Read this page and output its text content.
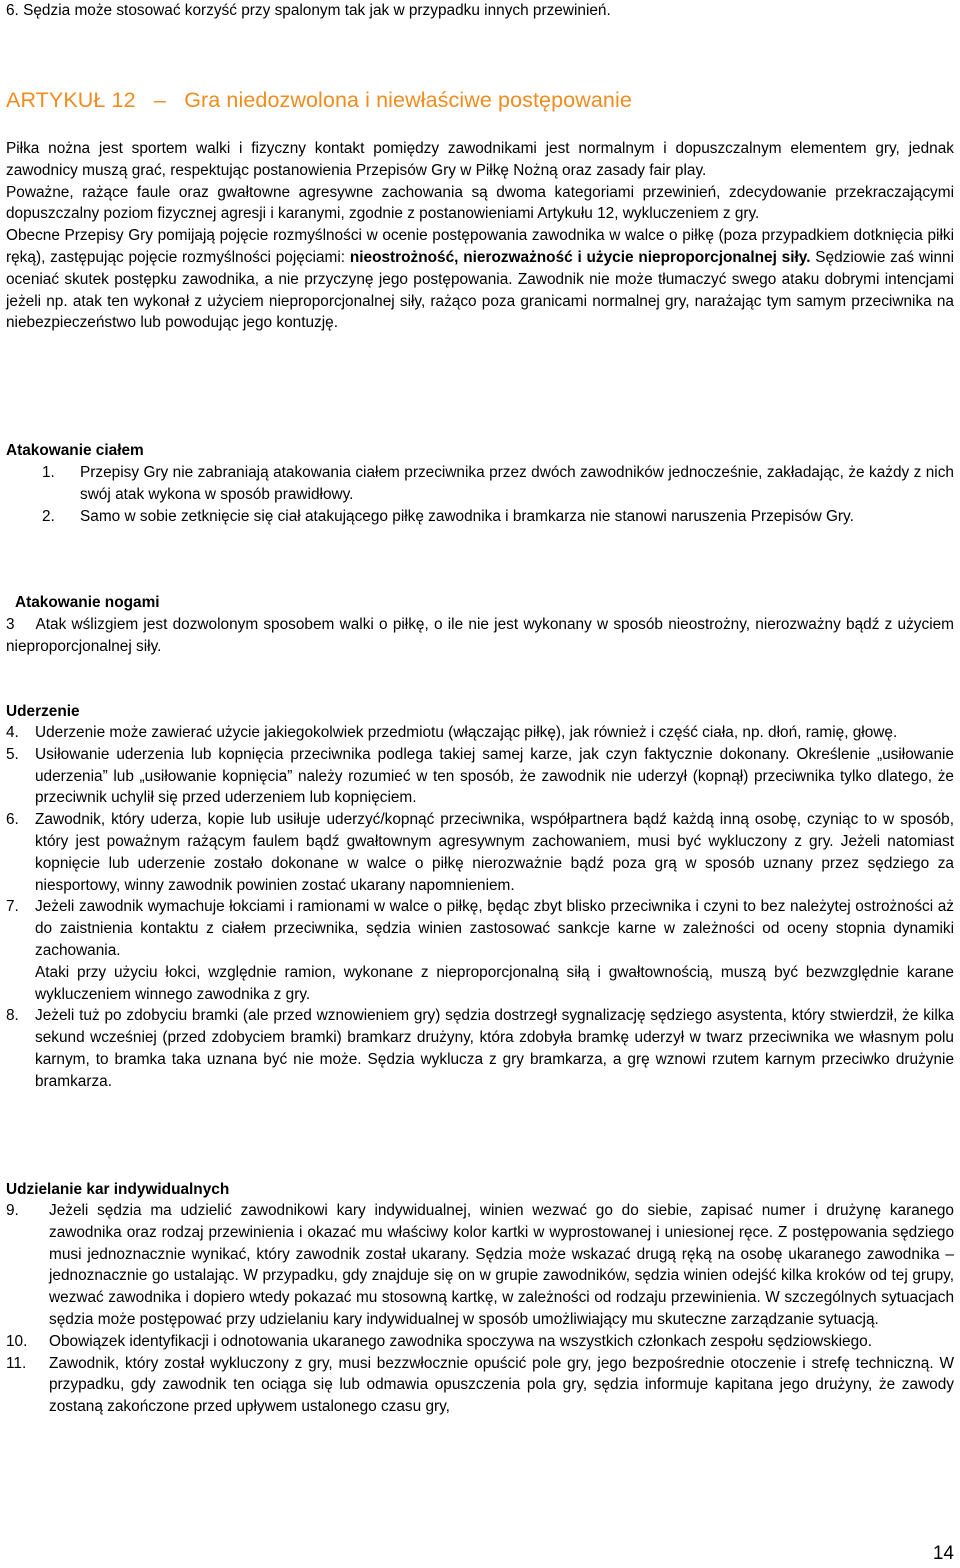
6. Sędzia może stosować korzyść przy spalonym tak jak w przypadku innych przewinień.

ARTYKUŁ 12 – Gra niedozwolona i niewłaściwe postępowanie

Piłka nożna jest sportem walki i fizyczny kontakt pomiędzy zawodnikami jest normalnym i dopuszczalnym elementem gry, jednak zawodnicy muszą grać, respektując postanowienia Przepisów Gry w Piłkę Nożną oraz zasady fair play.

Poważne, rażące faule oraz gwałtowne agresywne zachowania są dwoma kategoriami przewinień, zdecydowanie przekraczającymi dopuszczalny poziom fizycznej agresji i karanymi, zgodnie z postanowieniami Artykułu 12, wykluczeniem z gry.

Obecne Przepisy Gry pomijają pojęcie rozmyślności w ocenie postępowania zawodnika w walce o piłkę (poza przypadkiem dotknięcia piłki ręką), zastępując pojęcie rozmyślności pojęciami: nieostrożność, nierozważność i użycie nieproporcjonalnej siły. Sędziowie zaś winni oceniać skutek postępku zawodnika, a nie przyczynę jego postępowania. Zawodnik nie może tłumaczyć swego ataku dobrymi intencjami jeżeli np. atak ten wykonał z użyciem nieproporcjonalnej siły, rażąco poza granicami normalnej gry, narażając tym samym przeciwnika na niebezpieczeństwo lub powodując jego kontuzję.

Atakowanie ciałem
1. Przepisy Gry nie zabraniają atakowania ciałem przeciwnika przez dwóch zawodników jednocześnie, zakładając, że każdy z nich swój atak wykona w sposób prawidłowy.
2. Samo w sobie zetknięcie się ciał atakującego piłkę zawodnika i bramkarza nie stanowi naruszenia Przepisów Gry.
Atakowanie nogami

3 Atak wślizgiem jest dozwolonym sposobem walki o piłkę, o ile nie jest wykonany w sposób nieostrożny, nierozważny bądź z użyciem nieproporcjonalnej siły.

Uderzenie
4. Uderzenie może zawierać użycie jakiegokolwiek przedmiotu (włączając piłkę), jak również i część ciała, np. dłoń, ramię, głowę.
5. Usiłowanie uderzenia lub kopnięcia przeciwnika podlega takiej samej karze, jak czyn faktycznie dokonany. Określenie „usiłowanie uderzenia” lub „usiłowanie kopnięcia” należy rozumieć w ten sposób, że zawodnik nie uderzył (kopnął) przeciwnika tylko dlatego, że przeciwnik uchylił się przed uderzeniem lub kopnięciem.
6. Zawodnik, który uderza, kopie lub usiłuje uderzyć/kopnąć przeciwnika, współpartnera bądź każdą inną osobę, czyniąc to w sposób, który jest poważnym rażącym faulem bądź gwałtownym agresywnym zachowaniem, musi być wykluczony z gry. Jeżeli natomiast kopnięcie lub uderzenie zostało dokonane w walce o piłkę nierozważnie bądź poza grą w sposób uznany przez sędziego za niesportowy, winny zawodnik powinien zostać ukarany napomnieniem.
7. Jeżeli zawodnik wymachuje łokciami i ramionami w walce o piłkę, będąc zbyt blisko przeciwnika i czyni to bez należytej ostrożności aż do zaistnienia kontaktu z ciałem przeciwnika, sędzia winien zastosować sankcje karne w zależności od oceny stopnia dynamiki zachowania.
Ataki przy użyciu łokci, względnie ramion, wykonane z nieproporcjonalną siłą i gwałtownością, muszą być bezwzględnie karane wykluczeniem winnego zawodnika z gry.
8. Jeżeli tuż po zdobyciu bramki (ale przed wznowieniem gry) sędzia dostrzegł sygnalizację sędziego asystenta, który stwierdził, że kilka sekund wcześniej (przed zdobyciem bramki) bramkarz drużyny, która zdobyła bramkę uderzył w twarz przeciwnika we własnym polu karnym, to bramka taka uznana być nie może. Sędzia wyklucza z gry bramkarza, a grę wznowi rzutem karnym przeciwko drużynie bramkarza.
Udzielanie kar indywidualnych
9. Jeżeli sędzia ma udzielić zawodnikowi kary indywidualnej, winien wezwać go do siebie, zapisać numer i drużynę karanego zawodnika oraz rodzaj przewinienia i okazać mu właściwy kolor kartki w wyprostowanej i uniesionej ręce. Z postępowania sędziego musi jednoznacznie wynikać, który zawodnik został ukarany. Sędzia może wskazać drugą ręką na osobę ukaranego zawodnika – jednoznacznie go ustalając. W przypadku, gdy znajduje się on w grupie zawodników, sędzia winien odejść kilka kroków od tej grupy, wezwać zawodnika i dopiero wtedy pokazać mu stosowną kartkę, w zależności od rodzaju przewinienia. W szczególnych sytuacjach sędzia może postępować przy udzielaniu kary indywidualnej w sposób umożliwiający mu skuteczne zarządzanie sytuacją.
10. Obowiązek identyfikacji i odnotowania ukaranego zawodnika spoczywa na wszystkich członkach zespołu sędziowskiego.
11. Zawodnik, który został wykluczony z gry, musi bezzwłocznie opuścić pole gry, jego bezpośrednie otoczenie i strefę techniczną. W przypadku, gdy zawodnik ten ociąga się lub odmawia opuszczenia pola gry, sędzia informuje kapitana jego drużyny, że zawody zostaną zakończone przed upływem ustalonego czasu gry,
14
